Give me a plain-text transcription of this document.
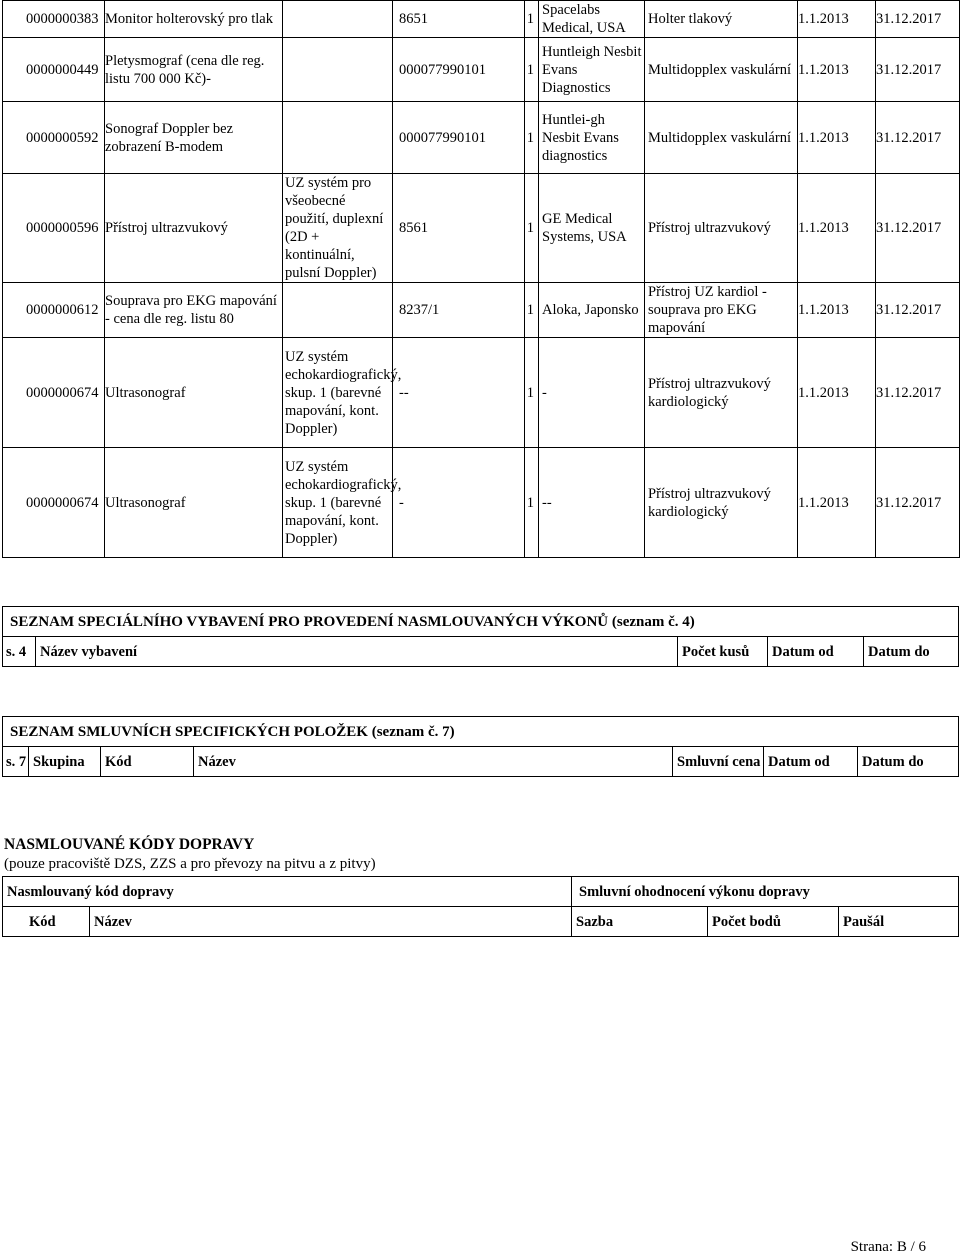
0000000383	Monitor holterovský pro tlak		8651	1	Spacelabs Medical, USA	Holter tlakový	1.1.2013	31.12.2017
0000000449	Pletysmograf (cena dle reg. listu 700 000 Kč)-		000077990101	1	Huntleigh Nesbit Evans Diagnostics	Multidopplex vaskulární	1.1.2013	31.12.2017
0000000592	Sonograf Doppler bez zobrazení B-modem		000077990101	1	Huntlei-gh Nesbit Evans diagnostics	Multidopplex vaskulární	1.1.2013	31.12.2017
0000000596	Přístroj ultrazvukový	UZ systém pro všeobecné použití, duplexní (2D + kontinuální, pulsní Doppler)	8561	1	GE Medical Systems, USA	Přístroj ultrazvukový	1.1.2013	31.12.2017
0000000612	Souprava pro EKG mapování - cena dle reg. listu 80		8237/1	1	Aloka, Japonsko	Přístroj UZ kardiol - souprava pro EKG mapování	1.1.2013	31.12.2017
0000000674	Ultrasonograf	UZ systém echokardiografický, skup. 1 (barevné mapování, kont. Doppler)	--	1	-	Přístroj ultrazvukový kardiologický	1.1.2013	31.12.2017
0000000674	Ultrasonograf	UZ systém echokardiografický, skup. 1 (barevné mapování, kont. Doppler)	-	1	--	Přístroj ultrazvukový kardiologický	1.1.2013	31.12.2017
SEZNAM SPECIÁLNÍHO VYBAVENÍ PRO PROVEDENÍ NASMLOUVANÝCH VÝKONŮ (seznam č. 4)
s. 4	Název vybavení	Počet kusů	Datum od	Datum do
SEZNAM SMLUVNÍCH SPECIFICKÝCH POLOŽEK (seznam č. 7)
s. 7	Skupina	Kód	Název	Smluvní cena	Datum od	Datum do
NASMLOUVANÉ KÓDY DOPRAVY
(pouze pracoviště DZS, ZZS a pro převozy na pitvu a z pitvy)
Nasmlouvaný kód dopravy		Smluvní ohodnocení výkonu dopravy		
Kód	Název	Sazba	Počet bodů	Paušál
Strana: B / 6
